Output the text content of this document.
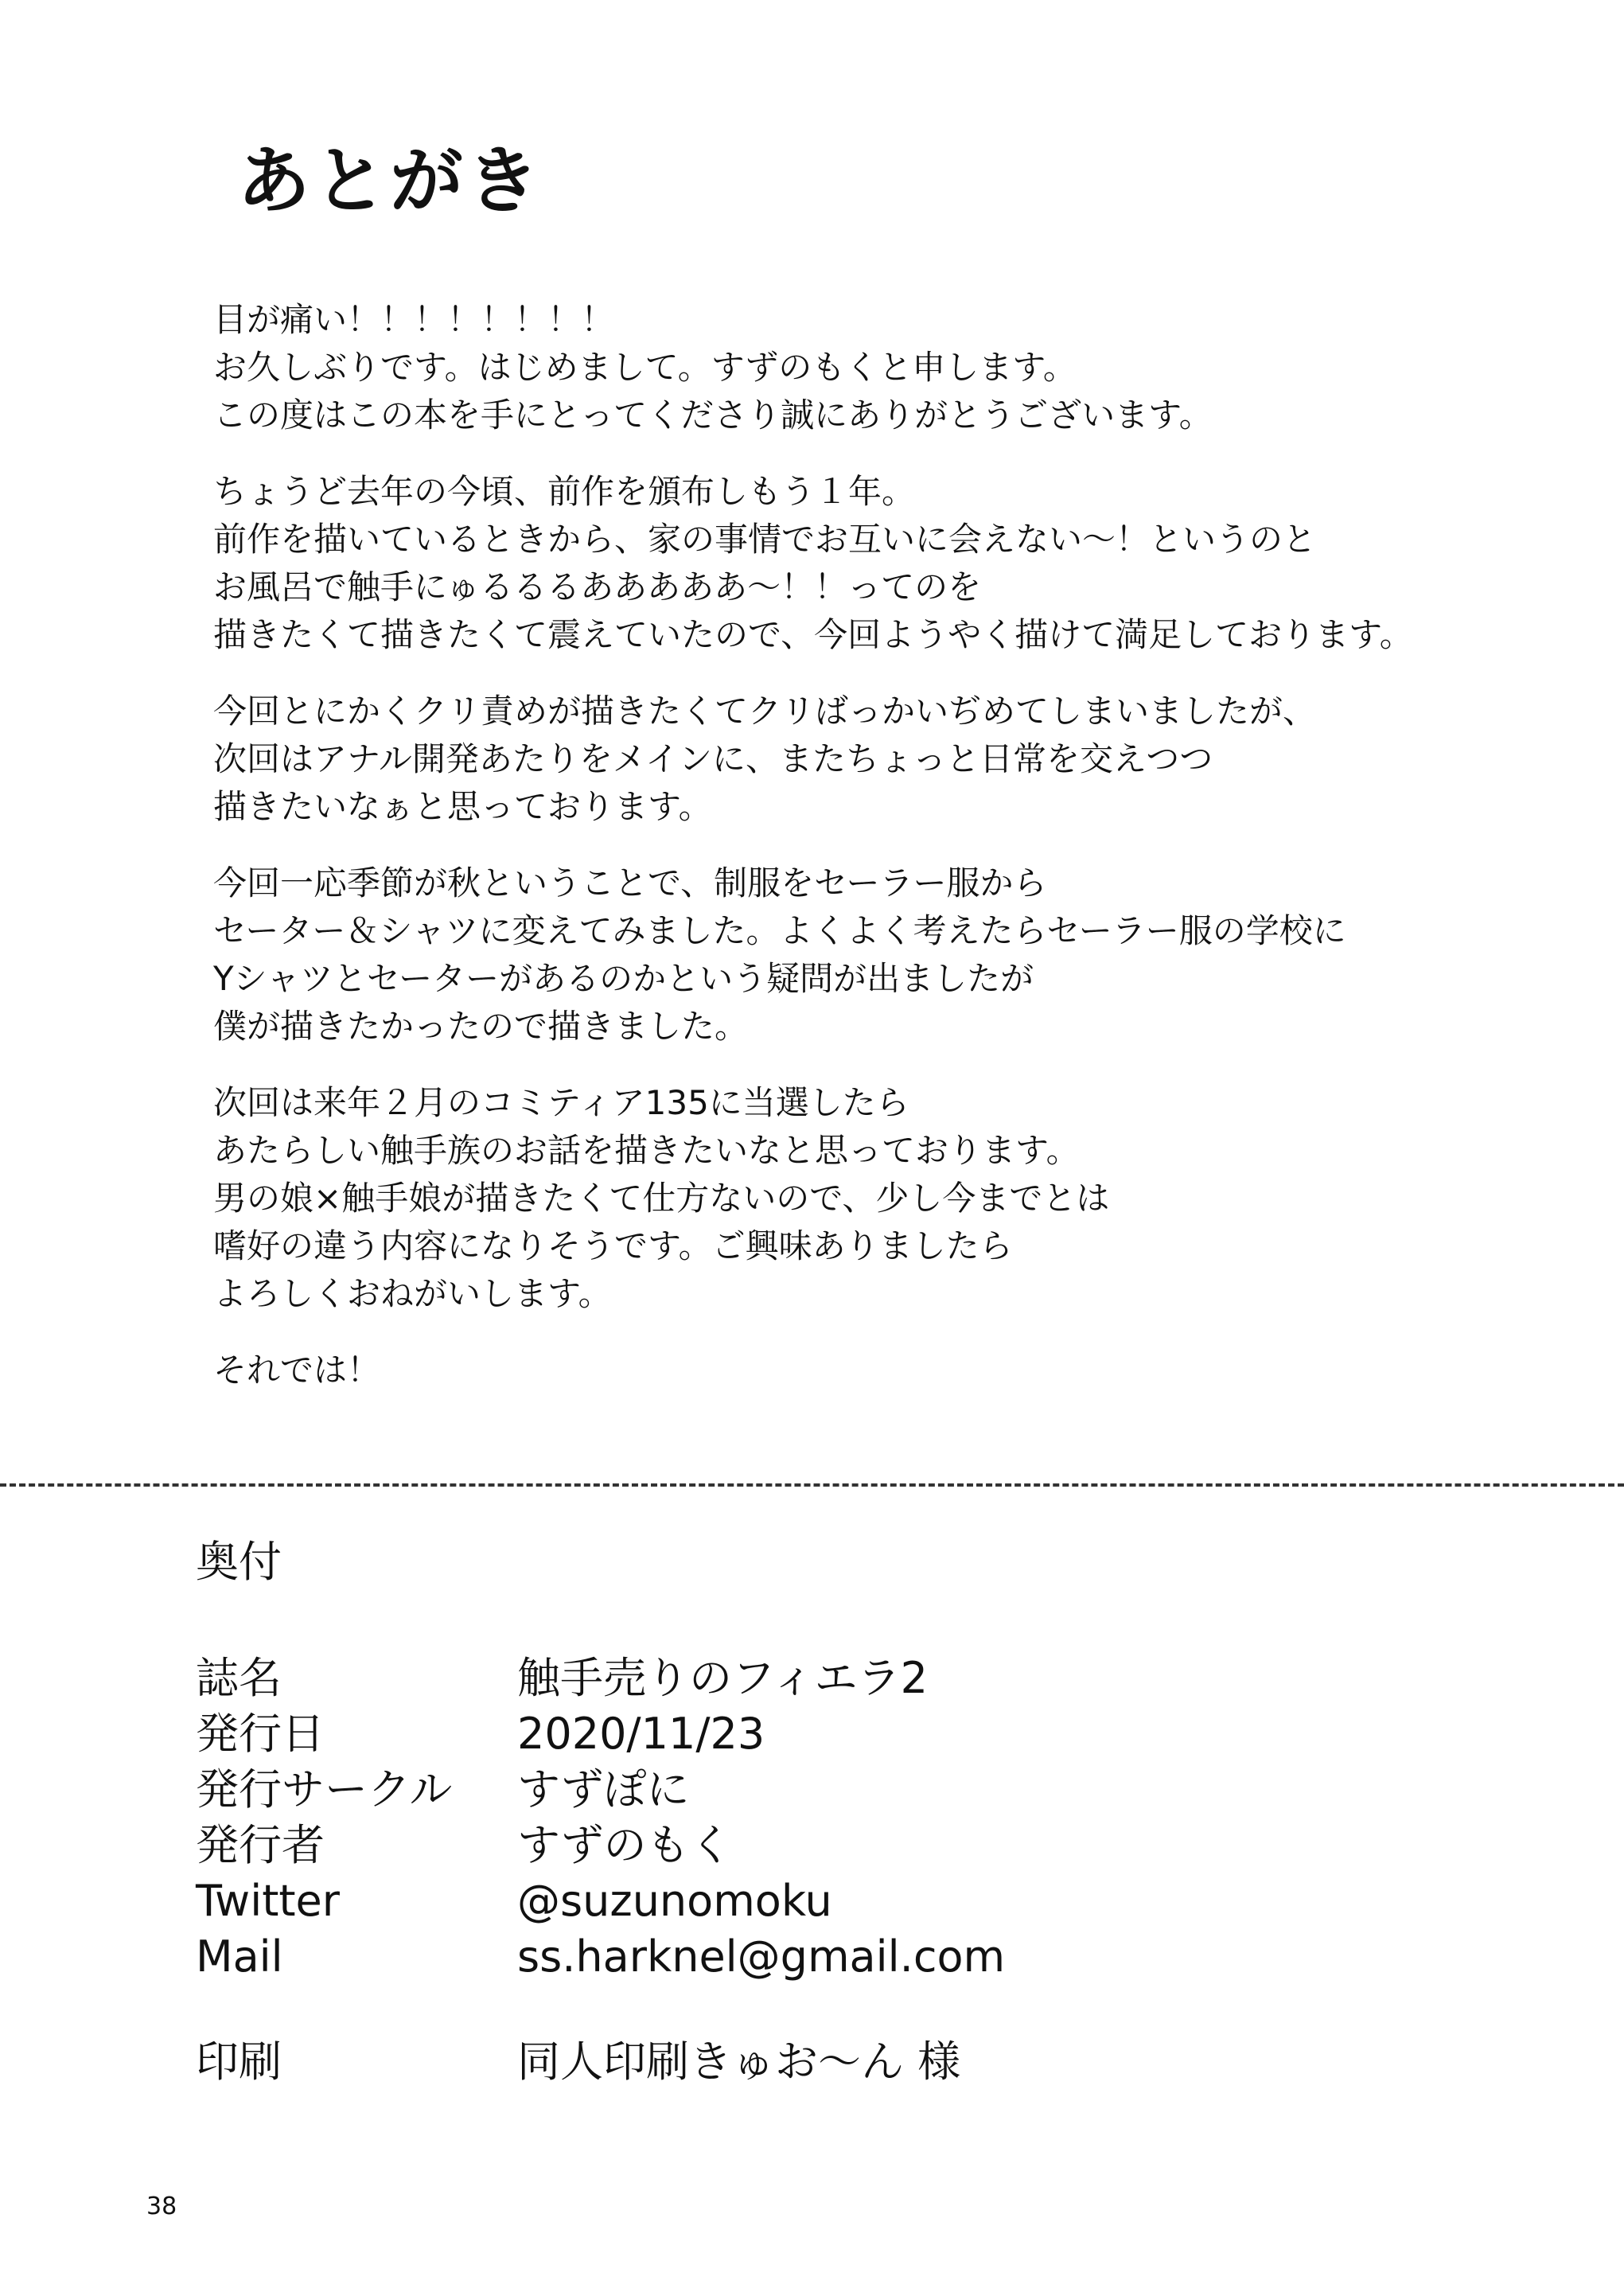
あとがき
目が痛い！！！！！！！！
お久しぶりです。はじめまして。すずのもくと申します。
この度はこの本を手にとってくださり誠にありがとうございます。
ちょうど去年の今頃、前作を頒布しもう１年。
前作を描いているときから、家の事情でお互いに会えない～！というのと
お風呂で触手にゅるるるあああああ～！！ってのを
描きたくて描きたくて震えていたので、今回ようやく描けて満足しております。
今回とにかくクリ責めが描きたくてクリばっかいぢめてしまいましたが、
次回はアナル開発あたりをメインに、またちょっと日常を交えつつ
描きたいなぁと思っております。
今回一応季節が秋ということで、制服をセーラー服から
セーター＆シャツに変えてみました。よくよく考えたらセーラー服の学校に
Yシャツとセーターがあるのかという疑問が出ましたが
僕が描きたかったので描きました。
次回は来年２月のコミティア135に当選したら
あたらしい触手族のお話を描きたいなと思っております。
男の娘×触手娘が描きたくて仕方ないので、少し今までとは
嗜好の違う内容になりそうです。ご興味ありましたら
よろしくおねがいします。
それでは！
奥付
誌名	触手売りのフィエラ2
発行日	2020/11/23
発行サークル	すずぽに
発行者	すずのもく
Twitter	@suzunomoku
Mail	ss.harknel@gmail.com
印刷	同人印刷きゅお～ん 様
38
